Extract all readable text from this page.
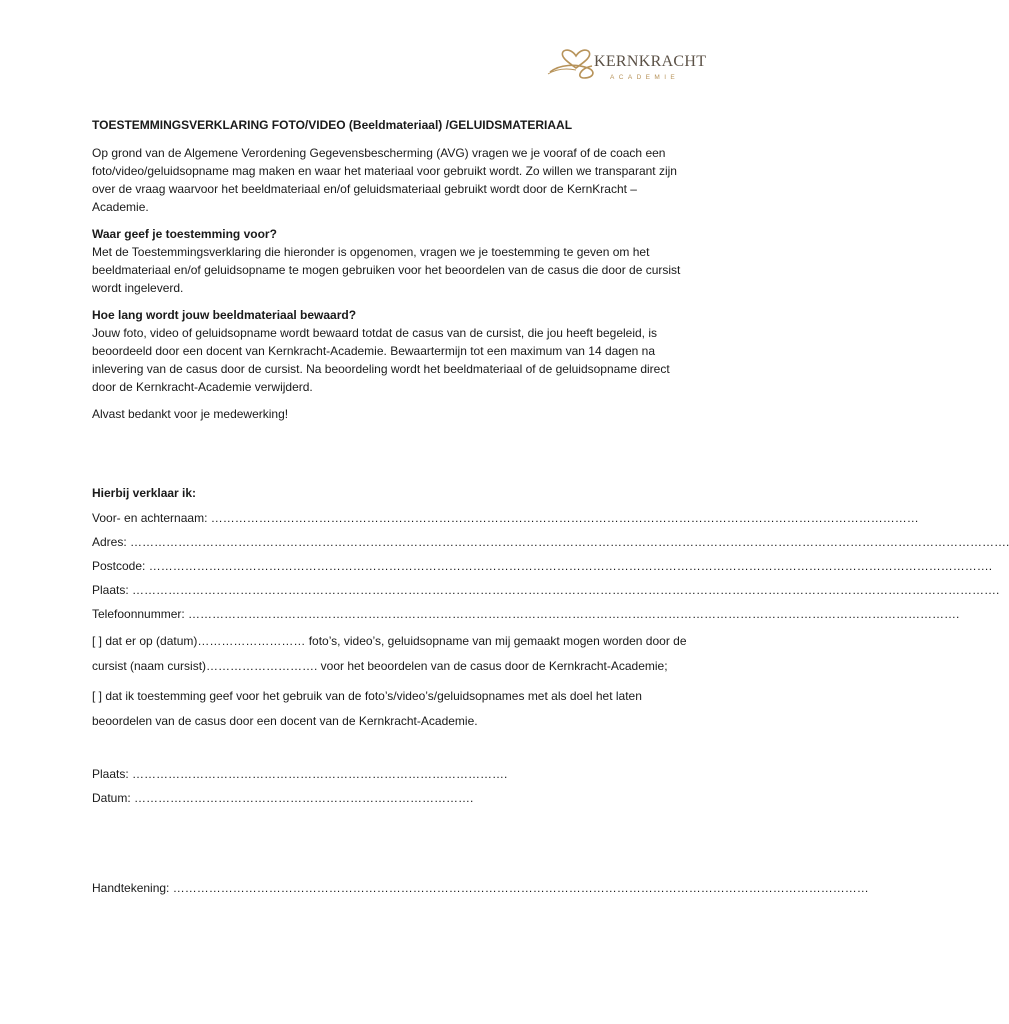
KERNKRACHT
ACADEMIE
TOESTEMMINGSVERKLARING FOTO/VIDEO (Beeldmateriaal) /GELUIDSMATERIAAL

Op grond van de Algemene Verordening Gegevensbescherming (AVG) vragen we je vooraf of de coach een foto/video/geluidsopname mag maken en waar het materiaal voor gebruikt wordt. Zo willen we transparant zijn over de vraag waarvoor het beeldmateriaal en/of geluidsmateriaal gebruikt wordt door de KernKracht – Academie.

Waar geef je toestemming voor?

Met de Toestemmingsverklaring die hieronder is opgenomen, vragen we je toestemming te geven om het beeldmateriaal en/of geluidsopname te mogen gebruiken voor het beoordelen van de casus die door de cursist wordt ingeleverd.

Hoe lang wordt jouw beeldmateriaal bewaard?

Jouw foto, video of geluidsopname wordt bewaard totdat de casus van de cursist, die jou heeft begeleid, is beoordeeld door een docent van Kernkracht-Academie. Bewaartermijn tot een maximum van 14 dagen na inlevering van de casus door de cursist. Na beoordeling wordt het beeldmateriaal of de geluidsopname direct door de Kernkracht-Academie verwijderd.

Alvast bedankt voor je medewerking!

Hierbij verklaar ik:

Voor- en achternaam: ……………………………………………………………………………………………………………………………………………………………
Adres: ………………………………………………………………………………………………………………………………………………………………………………………………….
Postcode: ………………………………………………………………………………………………………………………………………………………………………………………….
Plaats: ……………………………………………………………………………………………………………………………………………………………………………………………….
Telefoonnummer: ………………………………………………………………………………………………………………………………………………………………………….

[ ] dat er op (datum)……………………… foto’s, video’s, geluidsopname van mij gemaakt mogen worden door de cursist (naam cursist)………………………. voor het beoordelen van de casus door de Kernkracht-Academie;

[ ] dat ik toestemming geef voor het gebruik van de foto’s/video’s/geluidsopnames met als doel het laten beoordelen van de casus door een docent van de Kernkracht-Academie.

Plaats: ………………………………………………………………………………….
Datum: ………………………………………………………………………….
Handtekening: …………………………………………………………………………………………………………………………………………………………
